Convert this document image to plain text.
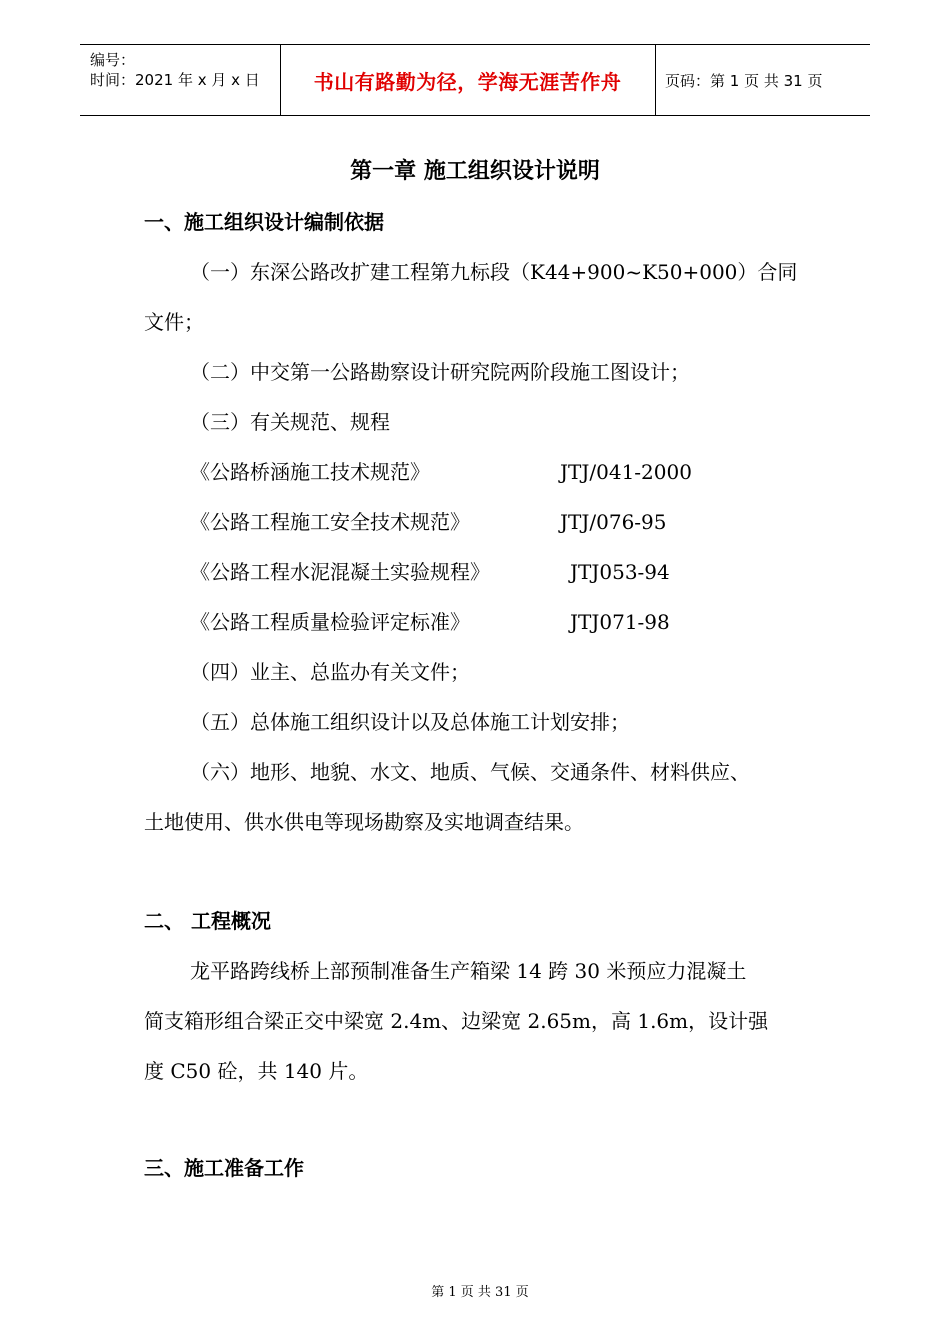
编号：
时间：2021 年 x 月 x 日	书山有路勤为径，学海无涯苦作舟	页码：第 1 页 共 31 页
第一章 施工组织设计说明
一、施工组织设计编制依据
（一）东深公路改扩建工程第九标段（K44+900~K50+000）合同
文件；
（二）中交第一公路勘察设计研究院两阶段施工图设计；
（三）有关规范、规程
《公路桥涵施工技术规范》	JTJ/041-2000
《公路工程施工安全技术规范》	JTJ/076-95
《公路工程水泥混凝土实验规程》	JTJ053-94
《公路工程质量检验评定标准》	JTJ071-98
（四）业主、总监办有关文件；
（五）总体施工组织设计以及总体施工计划安排；
（六）地形、地貌、水文、地质、气候、交通条件、材料供应、
土地使用、供水供电等现场勘察及实地调查结果。
二、 工程概况
龙平路跨线桥上部预制准备生产箱梁 14 跨 30 米预应力混凝土
简支箱形组合梁正交中梁宽 2.4m、边梁宽 2.65m，高 1.6m，设计强
度 C50 砼，共 140 片。
三、施工准备工作
第 1 页 共 31 页
